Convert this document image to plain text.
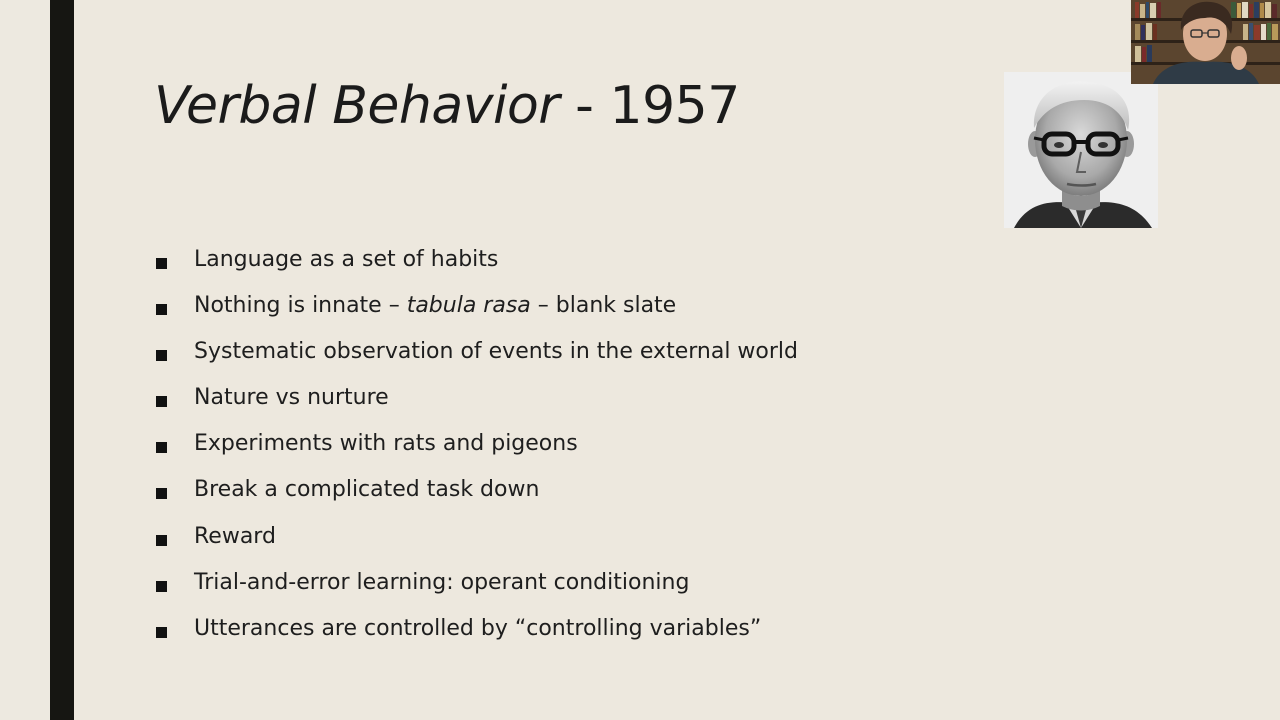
Verbal Behavior - 1957
Language as a set of habits
Nothing is innate – tabula rasa – blank slate
Systematic observation of events in the external world
Nature vs nurture
Experiments with rats and pigeons
Break a complicated task down
Reward
Trial-and-error learning: operant conditioning
Utterances are controlled by “controlling variables”
